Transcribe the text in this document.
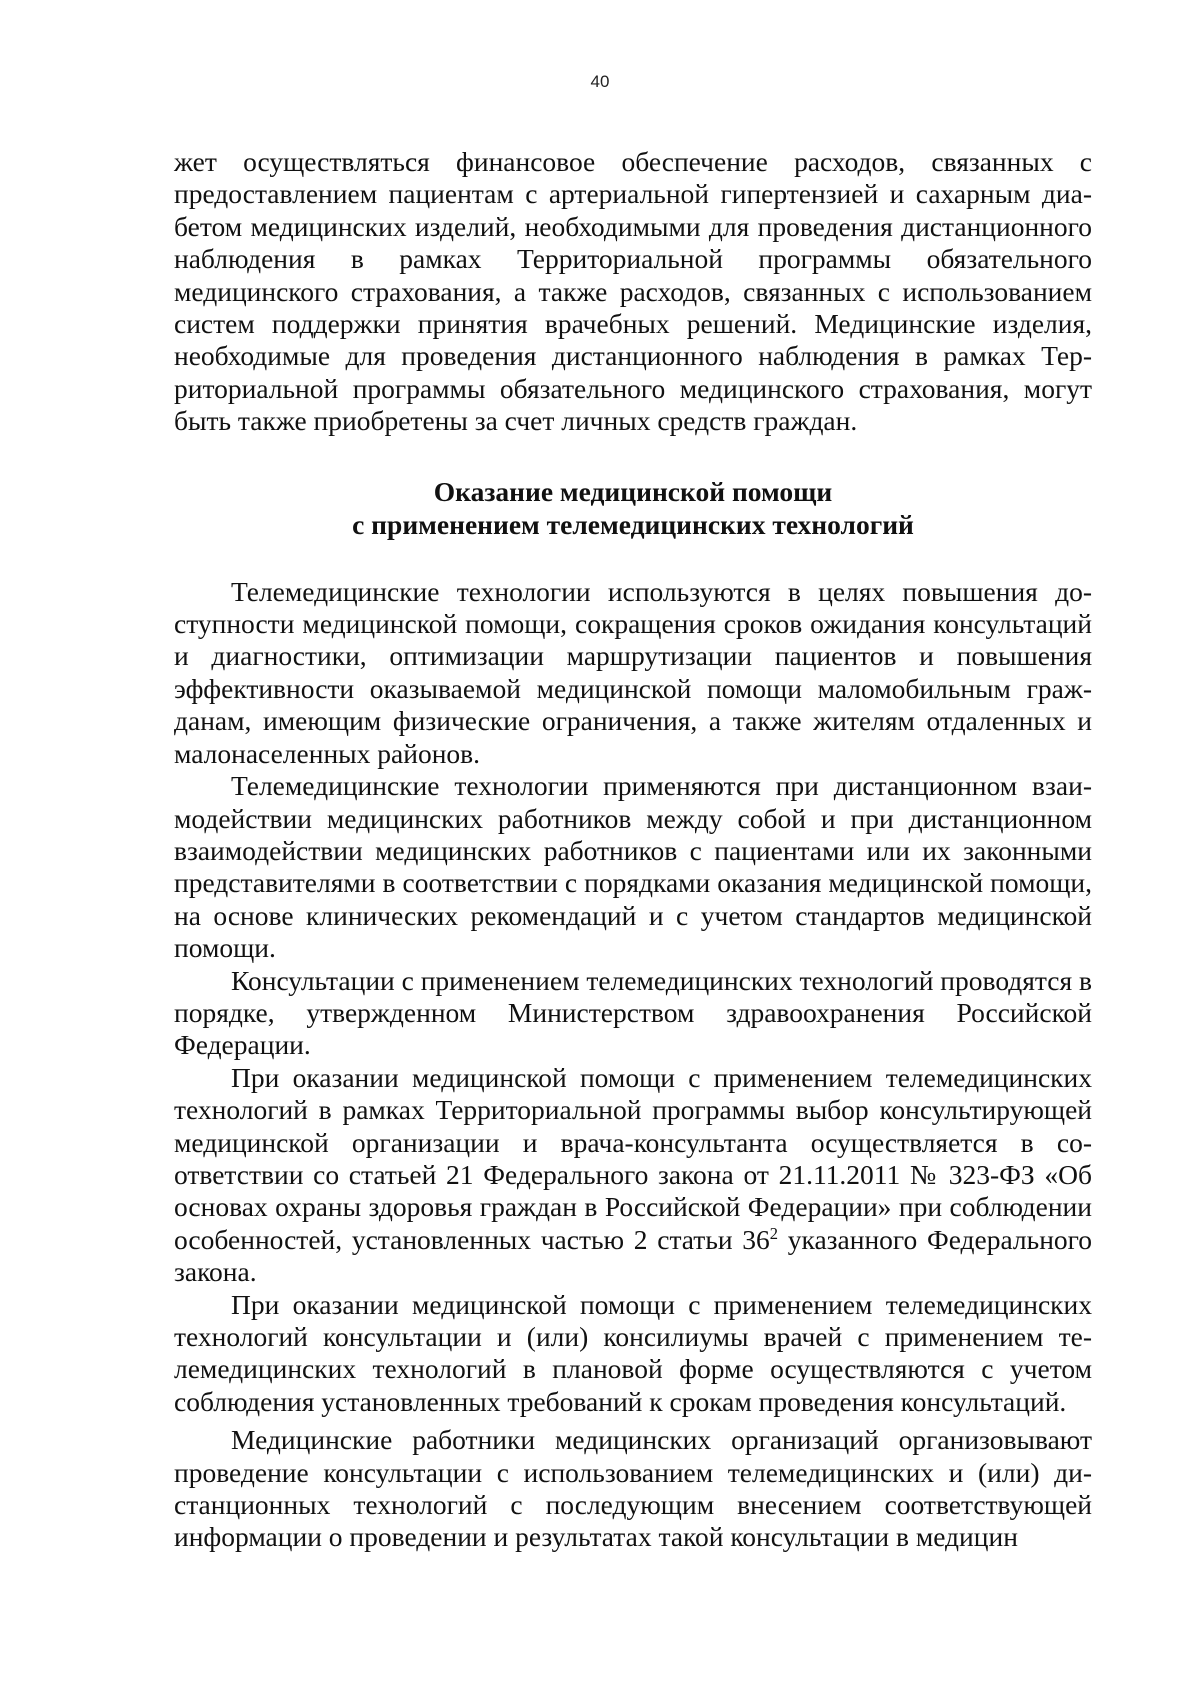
40

жет осуществляться финансовое обеспечение расходов, связанных с предоставлением пациентам с артериальной гипертензией и сахарным диабетом медицинских изделий, необходимыми для проведения дистанционного наблюдения в рамках Территориальной программы обязательного медицинского страхования, а также расходов, связанных с использованием систем поддержки принятия врачебных решений. Медицинские изделия, необходимые для проведения дистанционного наблюдения в рамках Территориальной программы обязательного медицинского страхования, могут быть также приобретены за счет личных средств граждан.

Оказание медицинской помощи
с применением телемедицинских технологий

Телемедицинские технологии используются в целях повышения доступности медицинской помощи, сокращения сроков ожидания консультаций и диагностики, оптимизации маршрутизации пациентов и повышения эффективности оказываемой медицинской помощи маломобильным гражданам, имеющим физические ограничения, а также жителям отдаленных и малонаселенных районов.

Телемедицинские технологии применяются при дистанционном взаимодействии медицинских работников между собой и при дистанционном взаимодействии медицинских работников с пациентами или их законными представителями в соответствии с порядками оказания медицинской помощи, на основе клинических рекомендаций и с учетом стандартов медицинской помощи.

Консультации с применением телемедицинских технологий проводятся в порядке, утвержденном Министерством здравоохранения Российской Федерации.

При оказании медицинской помощи с применением телемедицинских технологий в рамках Территориальной программы выбор консультирующей медицинской организации и врача-консультанта осуществляется в соответствии со статьей 21 Федерального закона от 21.11.2011 № 323-ФЗ «Об основах охраны здоровья граждан в Российской Федерации» при соблюдении особенностей, установленных частью 2 статьи $36^2$ указанного Федерального закона.

При оказании медицинской помощи с применением телемедицинских технологий консультации и (или) консилиумы врачей с применением телемедицинских технологий в плановой форме осуществляются с учетом соблюдения установленных требований к срокам проведения консультаций.

Медицинские работники медицинских организаций организовывают проведение консультации с использованием телемедицинских и (или) дистанционных технологий с последующим внесением соответствующей информации о проведении и результатах такой консультации в медицин
